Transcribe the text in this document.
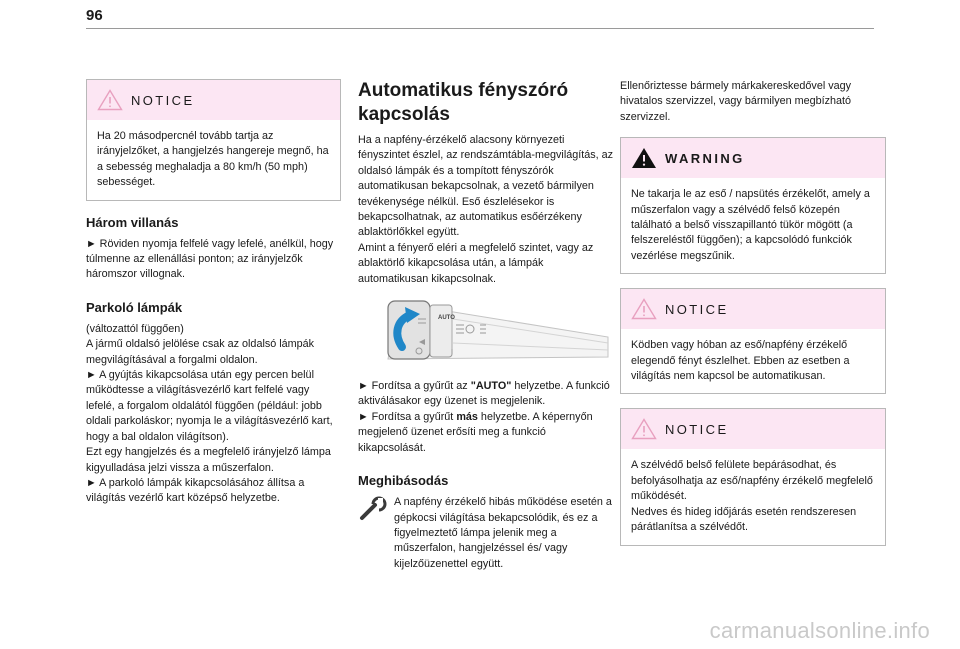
96
NOTICE

Ha 20 másodpercnél tovább tartja az irányjelzőket, a hangjelzés hangereje megnő, ha a sebesség meghaladja a 80 km/h (50 mph) sebességet.

Három villanás

► Röviden nyomja felfelé vagy lefelé, anélkül, hogy túlmenne az ellenállási ponton; az irányjelzők háromszor villognak.

Parkoló lámpák

(változattól függően)

A jármű oldalsó jelölése csak az oldalsó lámpák megvilágításával a forgalmi oldalon.

► A gyújtás kikapcsolása után egy percen belül működtesse a világításvezérlő kart felfelé vagy lefelé, a forgalom oldalától függően (például: jobb oldali parkoláskor; nyomja le a világításvezérlő kart, hogy a bal oldalon világítson).

Ezt egy hangjelzés és a megfelelő irányjelző lámpa kigyulladása jelzi vissza a műszerfalon.

► A parkoló lámpák kikapcsolásához állítsa a világítás vezérlő kart középső helyzetbe.

Automatikus fényszóró kapcsolás

Ha a napfény-érzékelő alacsony környezeti fényszintet észlel, az rendszámtábla-megvilágítás, az oldalsó lámpák és a tompított fényszórók automatikusan bekapcsolnak, a vezető bármilyen tevékenysége nélkül. Eső észlelésekor is bekapcsolhatnak, az automatikus esőérzékeny ablaktörlőkkel együtt.

Amint a fényerő eléri a megfelelő szintet, vagy az ablaktörlő kikapcsolása után, a lámpák automatikusan kikapcsolnak.

AUTO

► Fordítsa a gyűrűt az "AUTO" helyzetbe. A funkció aktiválásakor egy üzenet is megjelenik.

► Fordítsa a gyűrűt más helyzetbe. A képernyőn megjelenő üzenet erősíti meg a funkció kikapcsolását.

Meghibásodás

A napfény érzékelő hibás működése esetén a gépkocsi világítása bekapcsolódik, és ez a figyelmeztető lámpa jelenik meg a műszerfalon, hangjelzéssel és/ vagy kijelzőüzenettel együtt.

Ellenőriztesse bármely márkakereskedővel vagy hivatalos szervizzel, vagy bármilyen megbízható szervizzel.

WARNING

Ne takarja le az eső / napsütés érzékelőt, amely a műszerfalon vagy a szélvédő felső közepén található a belső visszapillantó tükör mögött (a felszereléstől függően); a kapcsolódó funkciók vezérlése megszűnik.

NOTICE

Ködben vagy hóban az eső/napfény érzékelő elegendő fényt észlelhet. Ebben az esetben a világítás nem kapcsol be automatikusan.

NOTICE

A szélvédő belső felülete bepárásodhat, és befolyásolhatja az eső/napfény érzékelő megfelelő működését.

Nedves és hideg időjárás esetén rendszeresen párátlanítsa a szélvédőt.

carmanualsonline.info
